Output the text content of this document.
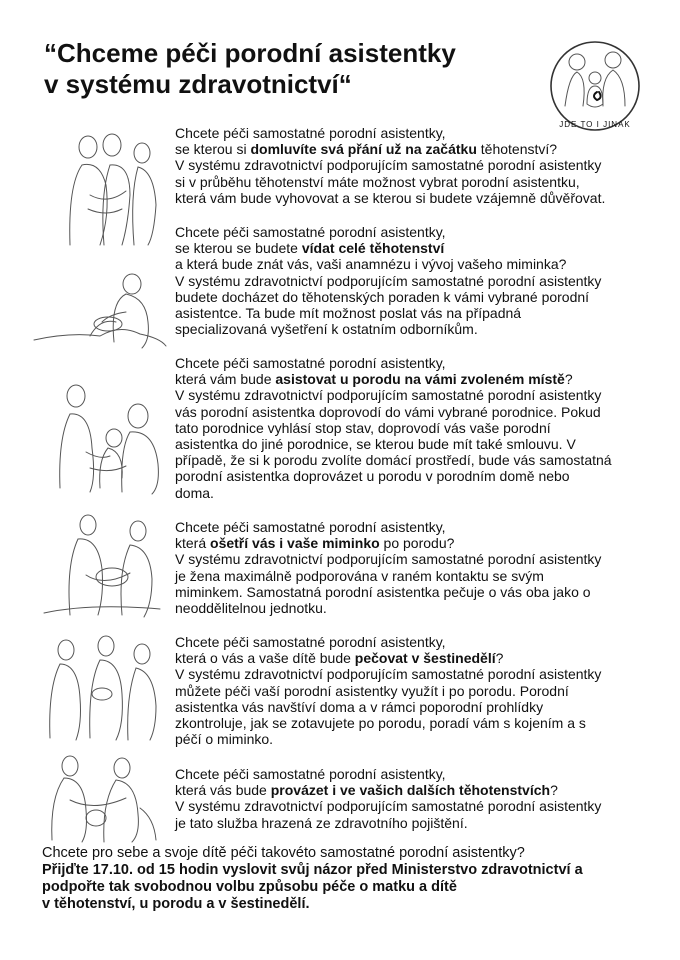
“Chceme péči porodní asistentky
v systému zdravotnictví“
JDE TO I JINAK
Chcete péči samostatné porodní asistentky,
se kterou si domluvíte svá přání už na začátku těhotenství?
V systému zdravotnictví podporujícím samostatné porodní asistentky
si v průběhu těhotenství máte možnost vybrat porodní asistentku,
která vám bude vyhovovat a se kterou si budete vzájemně důvěřovat.
Chcete péči samostatné porodní asistentky,
se kterou se budete vídat celé těhotenství
a která bude znát vás, vaši anamnézu i vývoj vašeho miminka?
V systému zdravotnictví podporujícím samostatné porodní asistentky
budete docházet do těhotenských poraden k vámi vybrané porodní
asistentce. Ta bude mít možnost poslat vás na případná
specializovaná vyšetření k ostatním odborníkům.
Chcete péči samostatné porodní asistentky,
která vám bude asistovat u porodu na vámi zvoleném místě?
V systému zdravotnictví podporujícím samostatné porodní asistentky
vás porodní asistentka doprovodí do vámi vybrané porodnice. Pokud
tato porodnice vyhlásí stop stav, doprovodí vás vaše porodní
asistentka do jiné porodnice, se kterou bude mít také smlouvu. V
případě, že si k porodu zvolíte domácí prostředí, bude vás samostatná
porodní asistentka doprovázet u porodu v porodním domě nebo
doma.
Chcete péči samostatné porodní asistentky,
která ošetří vás i vaše miminko po porodu?
V systému zdravotnictví podporujícím samostatné porodní asistentky
je žena maximálně podporována v raném kontaktu se svým
miminkem. Samostatná porodní asistentka pečuje o vás oba jako o
neoddělitelnou jednotku.
Chcete péči samostatné porodní asistentky,
která o vás a vaše dítě bude pečovat v šestinedělí?
V systému zdravotnictví podporujícím samostatné porodní asistentky
můžete péči vaší porodní asistentky využít i po porodu. Porodní
asistentka vás navštíví doma a v rámci poporodní prohlídky
zkontroluje, jak se zotavujete po porodu, poradí vám s kojením a s
péčí o miminko.
Chcete péči samostatné porodní asistentky,
která vás bude provázet i ve vašich dalších těhotenstvích?
V systému zdravotnictví podporujícím samostatné porodní asistentky
je tato služba hrazená ze zdravotního pojištění.
Chcete pro sebe a svoje dítě péči takovéto samostatné porodní asistentky?
Přijďte 17.10. od 15 hodin vyslovit svůj názor před Ministerstvo zdravotnictví a
podpořte tak svobodnou volbu způsobu péče o matku a dítě
v těhotenství, u porodu a v šestinedělí.
